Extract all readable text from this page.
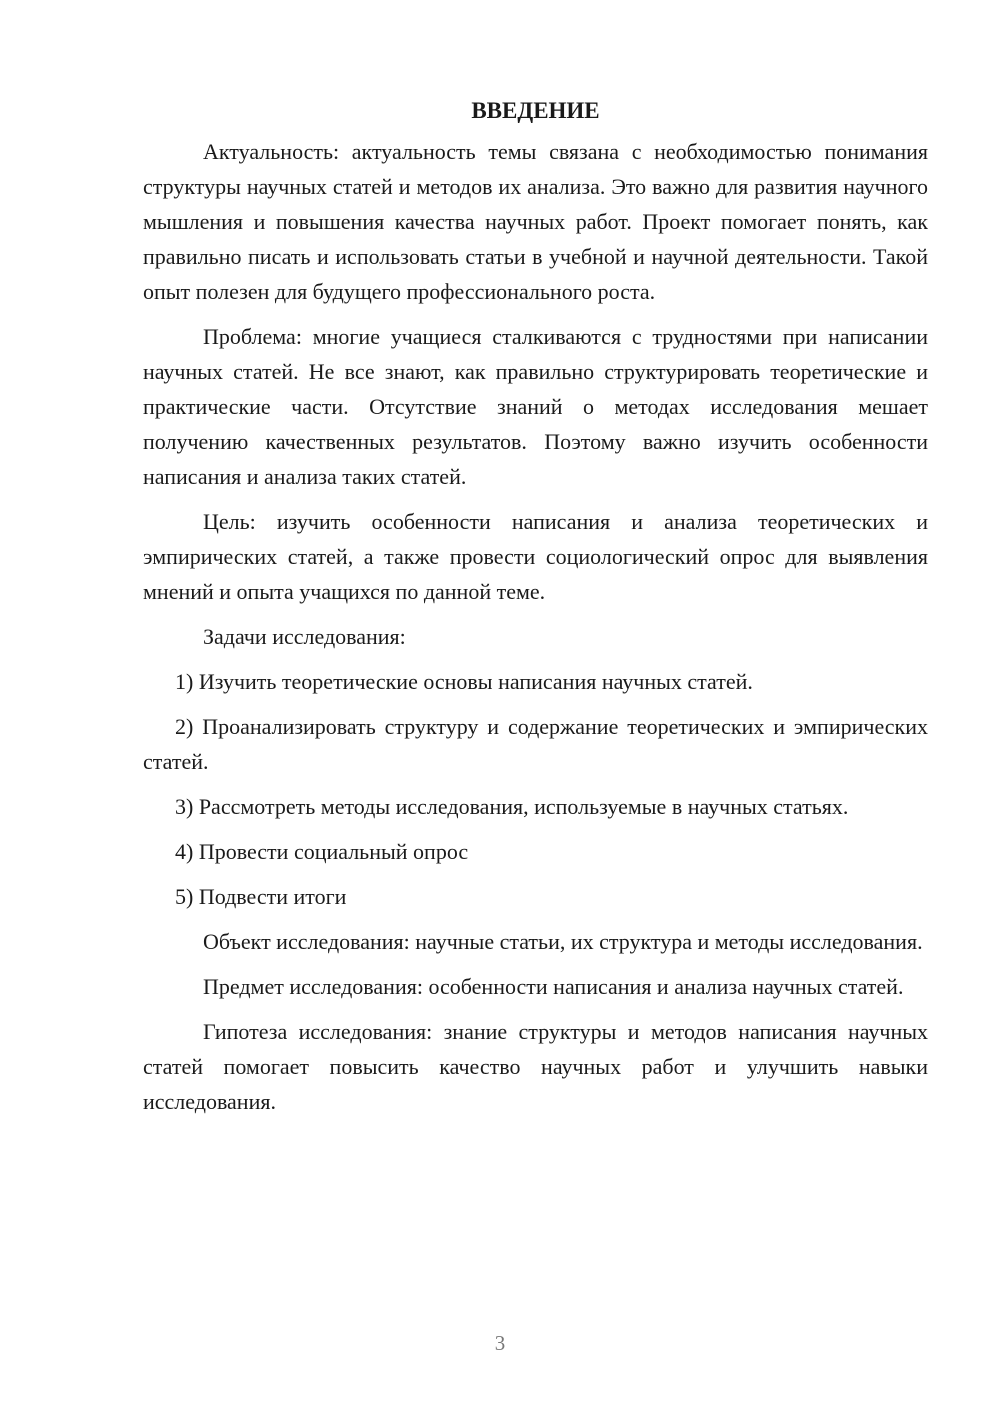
ВВЕДЕНИЕ

Актуальность: актуальность темы связана с необходимостью понимания структуры научных статей и методов их анализа. Это важно для развития научного мышления и повышения качества научных работ. Проект помогает понять, как правильно писать и использовать статьи в учебной и научной деятельности. Такой опыт полезен для будущего профессионального роста.

Проблема: многие учащиеся сталкиваются с трудностями при написании научных статей. Не все знают, как правильно структурировать теоретические и практические части. Отсутствие знаний о методах исследования мешает получению качественных результатов. Поэтому важно изучить особенности написания и анализа таких статей.

Цель: изучить особенности написания и анализа теоретических и эмпирических статей, а также провести социологический опрос для выявления мнений и опыта учащихся по данной теме.

Задачи исследования:

1) Изучить теоретические основы написания научных статей.

2) Проанализировать структуру и содержание теоретических и эмпирических статей.

3) Рассмотреть методы исследования, используемые в научных статьях.

4) Провести социальный опрос

5) Подвести итоги

Объект исследования: научные статьи, их структура и методы исследования.

Предмет исследования: особенности написания и анализа научных статей.

Гипотеза исследования: знание структуры и методов написания научных статей помогает повысить качество научных работ и улучшить навыки исследования.

3
